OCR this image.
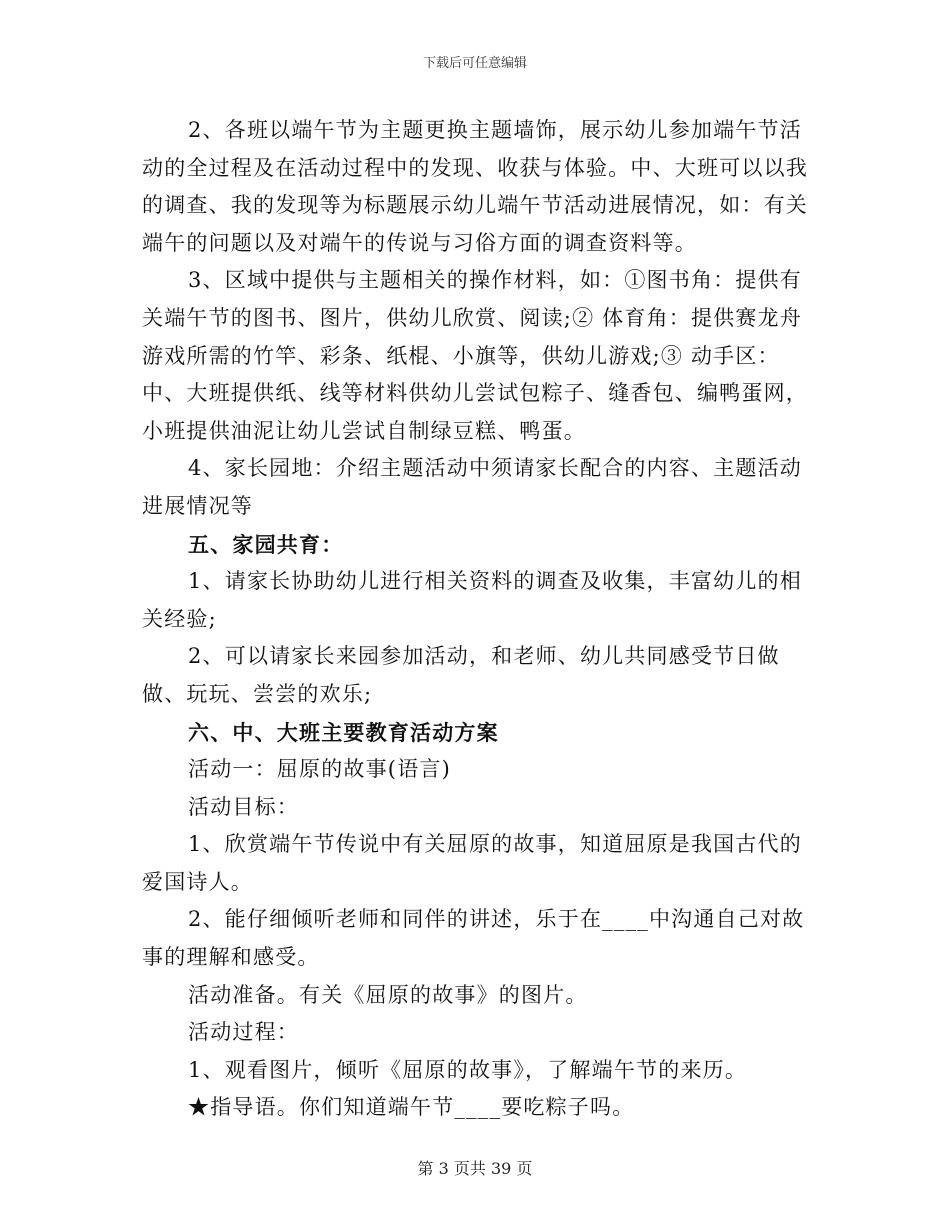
下载后可任意编辑

2、各班以端午节为主题更换主题墙饰，展示幼儿参加端午节活动的全过程及在活动过程中的发现、收获与体验。中、大班可以以我的调查、我的发现等为标题展示幼儿端午节活动进展情况，如：有关端午的问题以及对端午的传说与习俗方面的调查资料等。

3、区域中提供与主题相关的操作材料，如：①图书角：提供有关端午节的图书、图片，供幼儿欣赏、阅读;② 体育角：提供赛龙舟游戏所需的竹竿、彩条、纸棍、小旗等，供幼儿游戏;③ 动手区：中、大班提供纸、线等材料供幼儿尝试包粽子、缝香包、编鸭蛋网，小班提供油泥让幼儿尝试自制绿豆糕、鸭蛋。

4、家长园地：介绍主题活动中须请家长配合的内容、主题活动进展情况等

五、家园共育：

1、请家长协助幼儿进行相关资料的调查及收集，丰富幼儿的相关经验;

2、可以请家长来园参加活动，和老师、幼儿共同感受节日做做、玩玩、尝尝的欢乐;

六、中、大班主要教育活动方案

活动一：屈原的故事(语言)

活动目标：

1、欣赏端午节传说中有关屈原的故事，知道屈原是我国古代的爱国诗人。

2、能仔细倾听老师和同伴的讲述，乐于在____中沟通自己对故事的理解和感受。

活动准备。有关《屈原的故事》的图片。

活动过程：

1、观看图片，倾听《屈原的故事》，了解端午节的来历。

★指导语。你们知道端午节____要吃粽子吗。

第 3 页共 39 页
